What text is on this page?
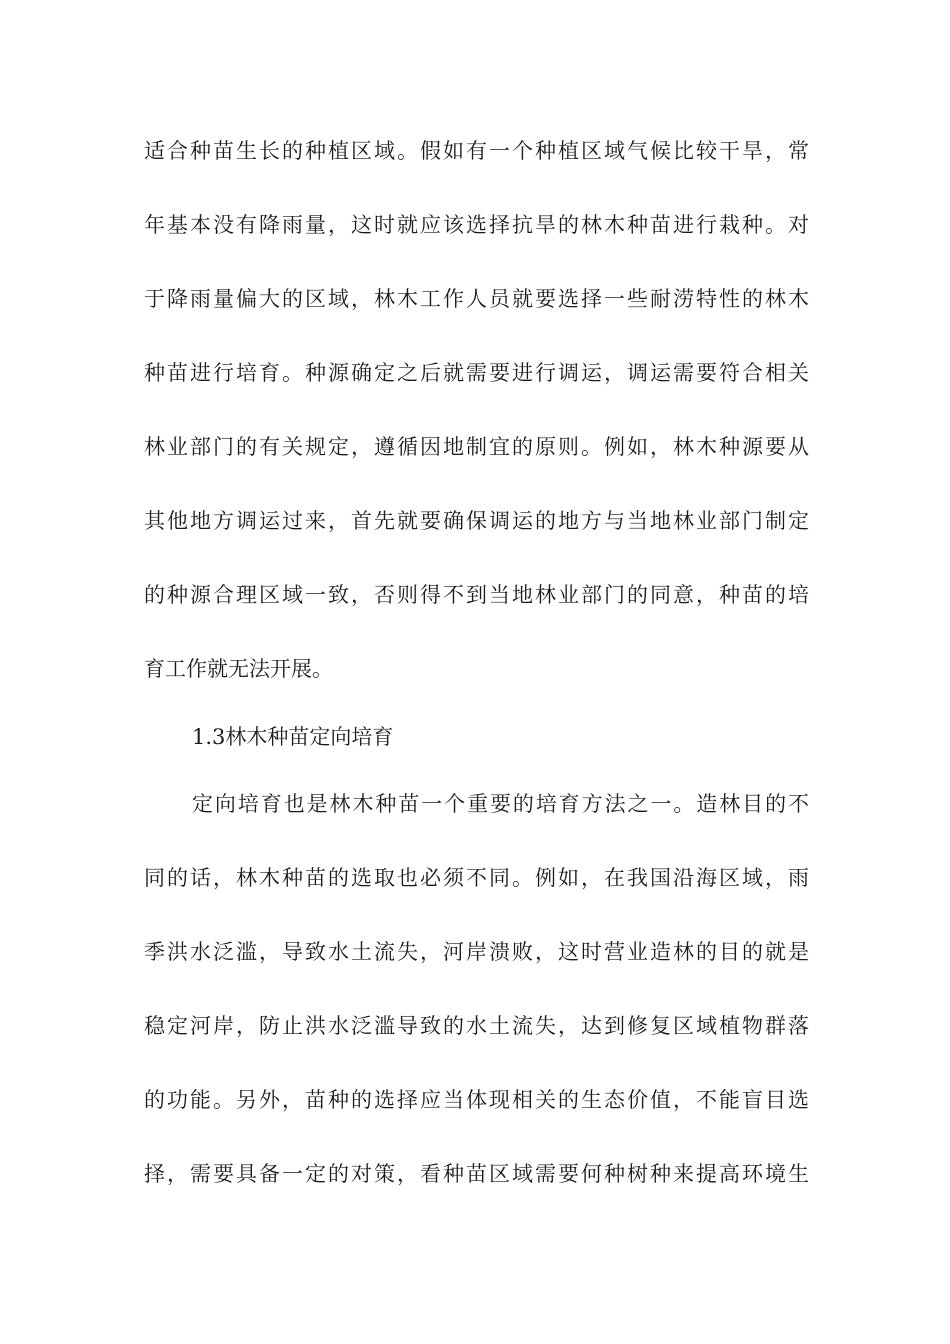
适合种苗生长的种植区域。假如有一个种植区域气候比较干旱，常
年基本没有降雨量，这时就应该选择抗旱的林木种苗进行栽种。对
于降雨量偏大的区域，林木工作人员就要选择一些耐涝特性的林木
种苗进行培育。种源确定之后就需要进行调运，调运需要符合相关
林业部门的有关规定，遵循因地制宜的原则。例如，林木种源要从
其他地方调运过来，首先就要确保调运的地方与当地林业部门制定
的种源合理区域一致，否则得不到当地林业部门的同意，种苗的培
育工作就无法开展。
1.3林木种苗定向培育
定向培育也是林木种苗一个重要的培育方法之一。造林目的不
同的话，林木种苗的选取也必须不同。例如，在我国沿海区域，雨
季洪水泛滥，导致水土流失，河岸溃败，这时营业造林的目的就是
稳定河岸，防止洪水泛滥导致的水土流失，达到修复区域植物群落
的功能。另外，苗种的选择应当体现相关的生态价值，不能盲目选
择，需要具备一定的对策，看种苗区域需要何种树种来提高环境生
